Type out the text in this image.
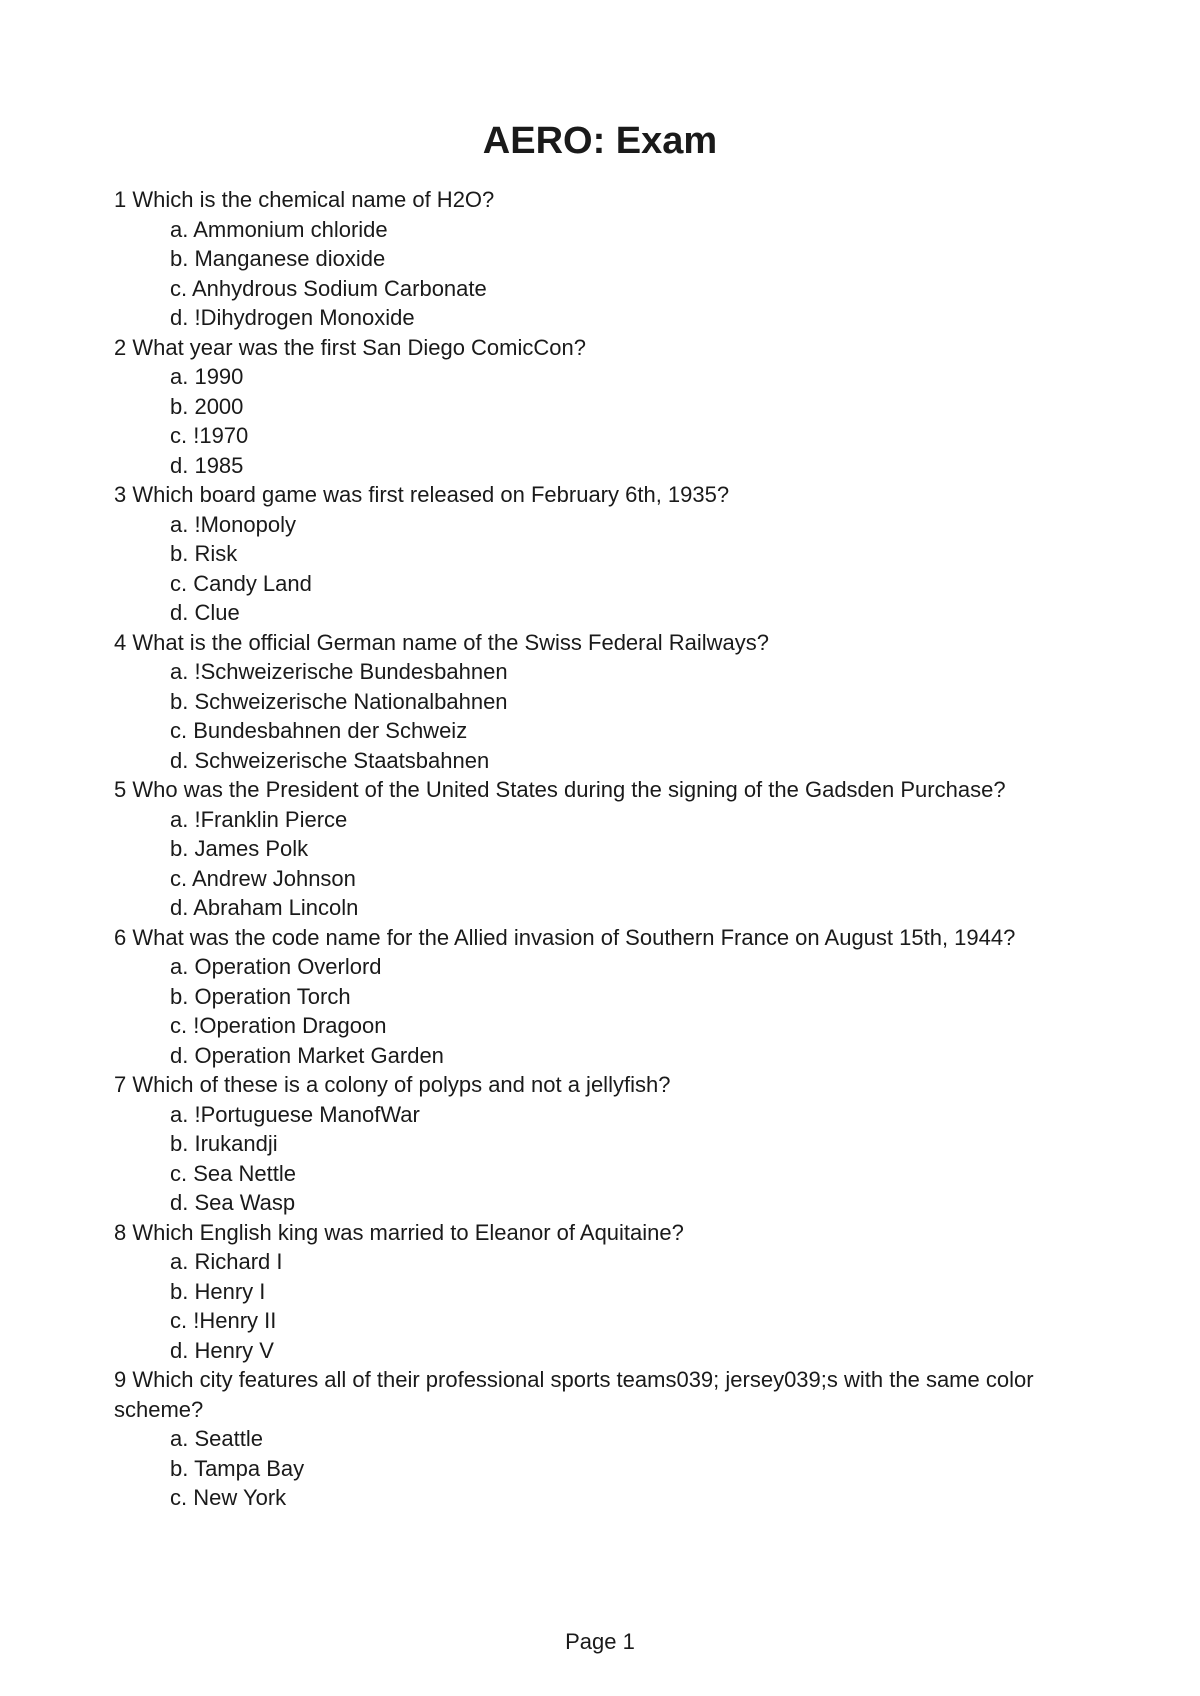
AERO: Exam
1 Which is the chemical name of H2O?
a. Ammonium chloride
b. Manganese dioxide
c. Anhydrous Sodium Carbonate
d. !Dihydrogen Monoxide
2 What year was the first San Diego ComicCon?
a. 1990
b. 2000
c. !1970
d. 1985
3 Which board game was first released on February 6th, 1935?
a. !Monopoly
b. Risk
c. Candy Land
d. Clue
4 What is the official German name of the Swiss Federal Railways?
a. !Schweizerische Bundesbahnen
b. Schweizerische Nationalbahnen
c. Bundesbahnen der Schweiz
d. Schweizerische Staatsbahnen
5 Who was the President of the United States during the signing of the Gadsden Purchase?
a. !Franklin Pierce
b. James Polk
c. Andrew Johnson
d. Abraham Lincoln
6 What was the code name for the Allied invasion of Southern France on August 15th, 1944?
a. Operation Overlord
b. Operation Torch
c. !Operation Dragoon
d. Operation Market Garden
7 Which of these is a colony of polyps and not a jellyfish?
a. !Portuguese ManofWar
b. Irukandji
c. Sea Nettle
d. Sea Wasp
8 Which English king was married to Eleanor of Aquitaine?
a. Richard I
b. Henry I
c. !Henry II
d. Henry V
9 Which city features all of their professional sports teams039; jersey039;s with the same color scheme?
a. Seattle
b. Tampa Bay
c. New York
Page 1
